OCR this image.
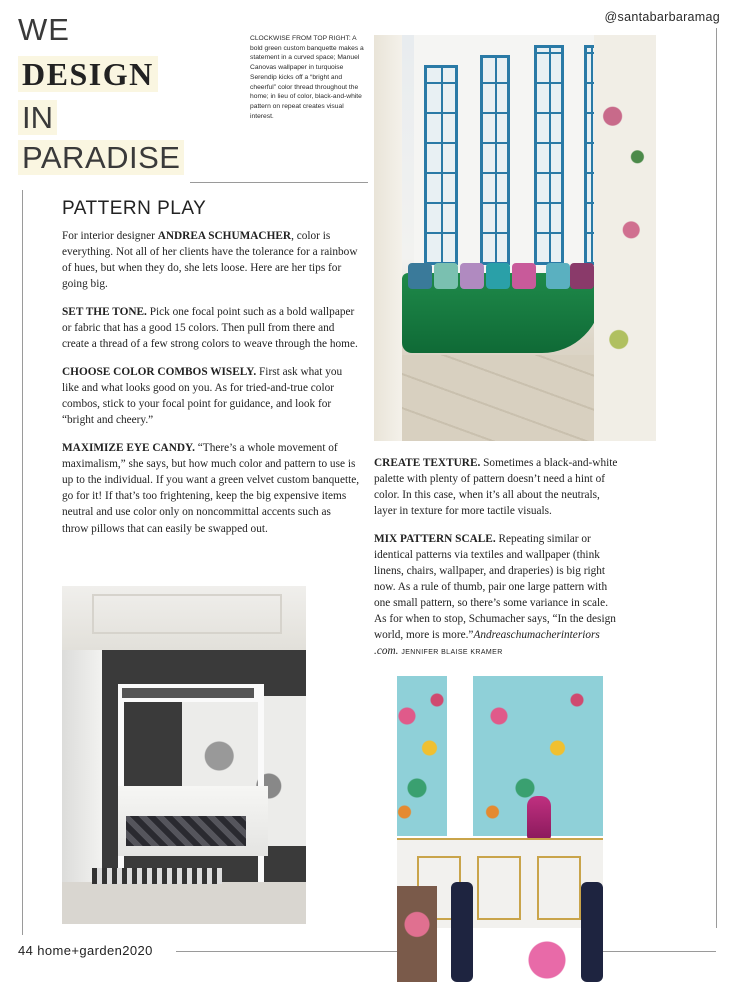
WE
DESIGN
IN
PARADISE
@santabarbaramag
CLOCKWISE FROM TOP RIGHT: A bold green custom banquette makes a statement in a curved space; Manuel Canovas wallpaper in turquoise Serendip kicks off a “bright and cheerful” color thread throughout the home; in lieu of color, black-and-white pattern on repeat creates visual interest.
PATTERN PLAY

For interior designer ANDREA SCHUMACHER, color is everything. Not all of her clients have the tolerance for a rainbow of hues, but when they do, she lets loose. Here are her tips for going big.

SET THE TONE. Pick one focal point such as a bold wallpaper or fabric that has a good 15 colors. Then pull from there and create a thread of a few strong colors to weave through the home.

CHOOSE COLOR COMBOS WISELY. First ask what you like and what looks good on you. As for tried-and-true color combos, stick to your focal point for guidance, and look for “bright and cheery.”

MAXIMIZE EYE CANDY. “There’s a whole movement of maximalism,” she says, but how much color and pattern to use is up to the individual. If you want a green velvet custom banquette, go for it! If that’s too frightening, keep the big expensive items neutral and use color only on noncommittal accents such as throw pillows that can easily be swapped out.

CREATE TEXTURE. Sometimes a black-and-white palette with plenty of pattern doesn’t need a hint of color. In this case, when it’s all about the neutrals, layer in texture for more tactile visuals.

MIX PATTERN SCALE. Repeating similar or identical patterns via textiles and wallpaper (think linens, chairs, wallpaper, and draperies) is big right now. As a rule of thumb, pair one large pattern with one small pattern, so there’s some variance in scale. As for when to stop, Schumacher says, “In the design world, more is more.”Andreaschumacherinteriors .com. JENNIFER BLAISE KRAMER

44 home+garden2020
